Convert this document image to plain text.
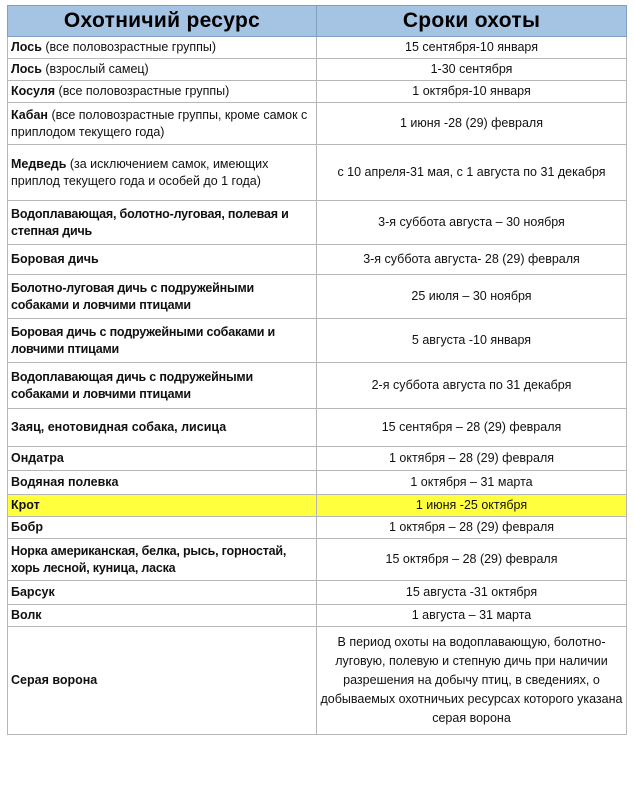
Охотничий ресурс	Сроки охоты
Лось (все половозрастные группы)	15 сентября-10 января
Лось (взрослый самец)	1-30 сентября
Косуля (все половозрастные группы)	1 октября-10 января
Кабан (все половозрастные группы, кроме самок с приплодом текущего года)	1 июня -28 (29) февраля
Медведь (за исключением самок, имеющих приплод текущего года и особей до 1 года)	с 10 апреля-31 мая, с 1 августа по 31 декабря
Водоплавающая, болотно-луговая, полевая и степная дичь	3-я суббота августа – 30 ноября
Боровая дичь	3-я суббота августа- 28 (29) февраля
Болотно-луговая дичь с подружейными собаками и ловчими птицами	25 июля – 30 ноября
Боровая дичь с подружейными собаками и ловчими птицами	5 августа -10 января
Водоплавающая дичь с подружейными собаками и ловчими птицами	2-я суббота августа по 31 декабря
Заяц, енотовидная собака, лисица	15 сентября – 28 (29) февраля
Ондатра	1 октября – 28 (29) февраля
Водяная полевка	1 октября – 31 марта
Крот	1 июня -25 октября
Бобр	1 октября – 28 (29) февраля
Норка американская, белка, рысь, горностай, хорь лесной, куница, ласка	15 октября – 28 (29) февраля
Барсук	15 августа -31 октября
Волк	1 августа – 31 марта
Серая ворона	В период охоты на водоплавающую, болотно-луговую, полевую и степную дичь при наличии разрешения на добычу птиц, в сведениях, о добываемых охотничьих ресурсах которого указана серая ворона
